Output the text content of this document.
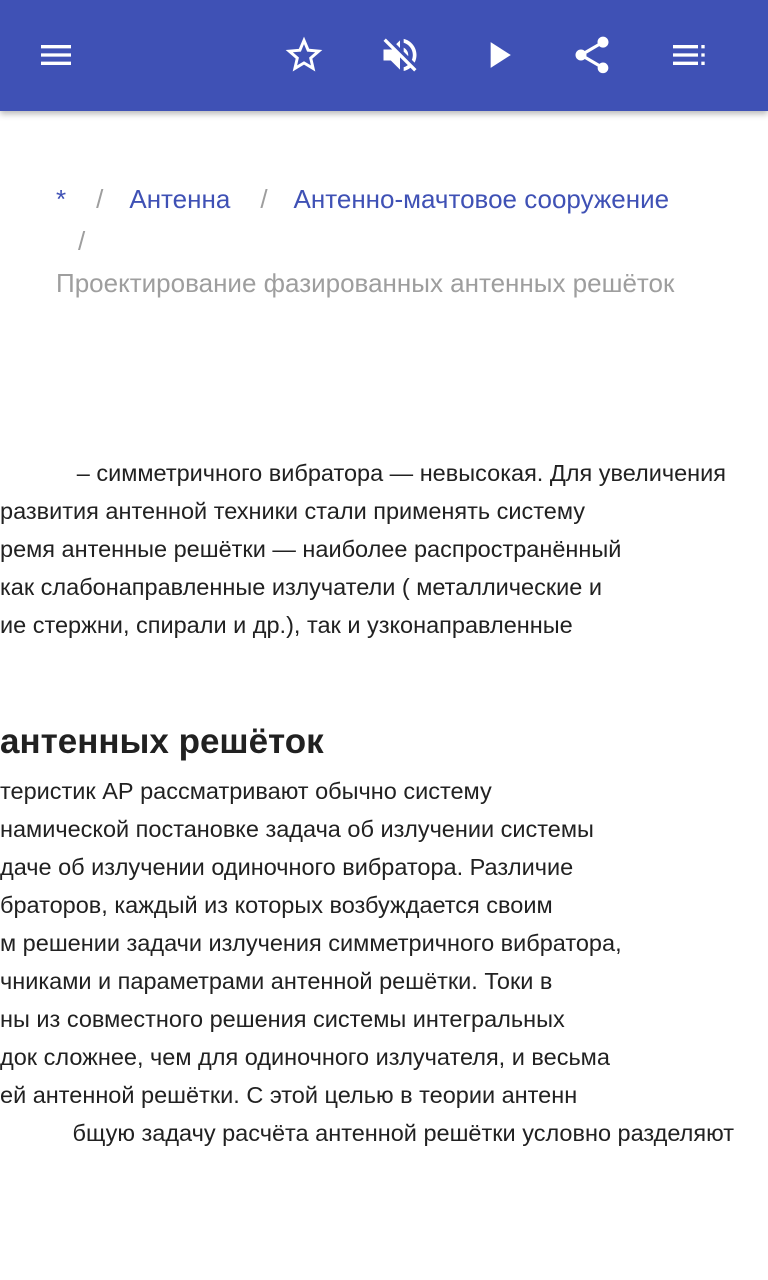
* / Антенна / Антенно-мачтовое сооружение
/
Проектирование фазированных антенных решёток
– симметричного вибратора — невысокая. Для увеличения
развития антенной техники стали применять систему
ремя антенные решётки — наиболее распространённый
как слабонаправленные излучатели ( металлические и
ие стержни, спирали и др.), так и узконаправленные
антенных решёток
теристик АР рассматривают обычно систему
намической постановке задача об излучении системы
даче об излучении одиночного вибратора. Различие
браторов, каждый из которых возбуждается своим
м решении задачи излучения симметричного вибратора,
чниками и параметрами антенной решётки. Токи в
ны из совместного решения системы интегральных
док сложнее, чем для одиночного излучателя, и весьма
ей антенной решётки. С этой целью в теории антенн
бщую задачу расчёта антенной решётки условно разделяют
